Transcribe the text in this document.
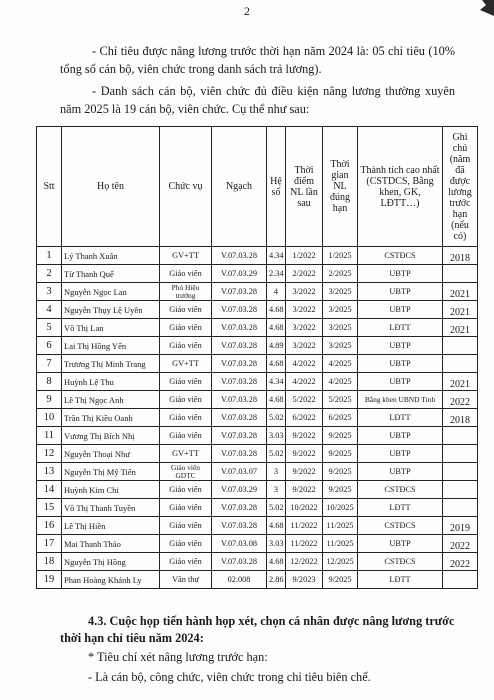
2

- Chỉ tiêu được nâng lương trước thời hạn năm 2024 là: 05 chỉ tiêu (10% tổng số cán bộ, viên chức trong danh sách trả lương).

- Danh sách cán bộ, viên chức đủ điều kiện nâng lương thường xuyên năm 2025 là 19 cán bộ, viên chức. Cụ thể như sau:

Stt	Họ tên	Chức vụ	Ngạch	Hệ số	Thời điểm NL lần sau	Thời gian NL đúng hạn	Thành tích cao nhất (CSTDCS, Bằng khen, GK, LĐTT…)	Ghi chú (năm đã được lương trước hạn (nếu có)
1	Lý Thanh Xuân	GV+TT	V.07.03.28	4.34	1/2022	1/2025	CSTĐCS	2018
2	Từ Thanh Quế	Giáo viên	V.07.03.29	2.34	2/2022	2/2025	UBTP	
3	Nguyễn Ngọc Lan	Phó Hiệu trưởng	V.07.03.28	4	3/2022	3/2025	UBTP	2021
4	Nguyễn Thụy Lệ Uyên	Giáo viên	V.07.03.28	4.68	3/2022	3/2025	UBTP	2021
5	Võ Thị Lan	Giáo viên	V.07.03.28	4.68	3/2022	3/2025	LĐTT	2021
6	Lai Thị Hồng Yến	Giáo viên	V.07.03.28	4.89	3/2022	3/2025	UBTP	
7	Trương Thị Minh Trang	GV+TT	V.07.03.28	4.68	4/2022	4/2025	UBTP	
8	Huỳnh Lệ Thu	Giáo viên	V.07.03.28	4.34	4/2022	4/2025	UBTP	2021
9	Lê Thị Ngọc Anh	Giáo viên	V.07.03.28	4.68	5/2022	5/2025	Bằng khen UBND Tỉnh	2022
10	Trần Thị Kiều Oanh	Giáo viên	V.07.03.28	5.02	6/2022	6/2025	LĐTT	2018
11	Vương Thị Bích Nhị	Giáo viên	V.07.03.28	3.03	9/2022	9/2025	UBTP	
12	Nguyễn Thoại Như	GV+TT	V.07.03.28	5.02	9/2022	9/2025	UBTP	
13	Nguyễn Thị Mỹ Tiên	Giáo viên GDTC	V.07.03.07	3	9/2022	9/2025	UBTP	
14	Huỳnh Kim Chi	Giáo viên	V.07.03.29	3	9/2022	9/2025	CSTĐCS	
15	Võ Thị Thanh Tuyền	Giáo viên	V.07.03.28	5.02	10/2022	10/2025	LĐTT	
16	Lê Thị Hiền	Giáo viên	V.07.03.28	4.68	11/2022	11/2025	CSTĐCS	2019
17	Mai Thanh Thảo	Giáo viên	V.07.03.08	3.03	11/2022	11/2025	UBTP	2022
18	Nguyễn Thị Hồng	Giáo viên	V.07.03.28	4.68	12/2022	12/2025	CSTĐCS	2022
19	Phan Hoàng Khánh Ly	Văn thư	02.008	2.86	9/2023	9/2025	LĐTT	

4.3. Cuộc họp tiến hành họp xét, chọn cá nhân được nâng lương trước thời hạn chỉ tiêu năm 2024:

* Tiêu chí xét nâng lương trước hạn:

- Là cán bộ, công chức, viên chức trong chỉ tiêu biên chế.
